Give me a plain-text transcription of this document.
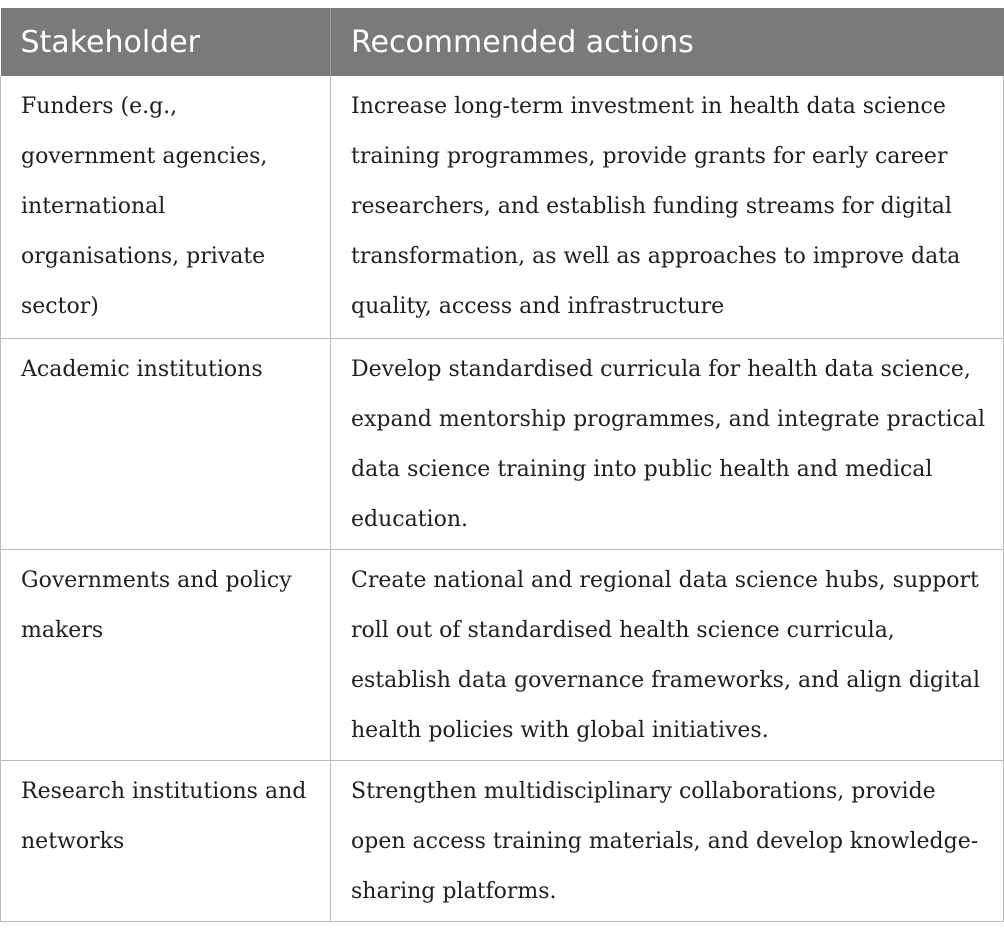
Stakeholder	Recommended actions
Funders (e.g., government agencies, international organisations, private sector)	Increase long-term investment in health data science training programmes, provide grants for early career researchers, and establish funding streams for digital transformation, as well as approaches to improve data quality, access and infrastructure
Academic institutions	Develop standardised curricula for health data science, expand mentorship programmes, and integrate practical data science training into public health and medical education.
Governments and policy makers	Create national and regional data science hubs, support roll out of standardised health science curricula, establish data governance frameworks, and align digital health policies with global initiatives.
Research institutions and networks	Strengthen multidisciplinary collaborations, provide open access training materials, and develop knowledge-sharing platforms.
